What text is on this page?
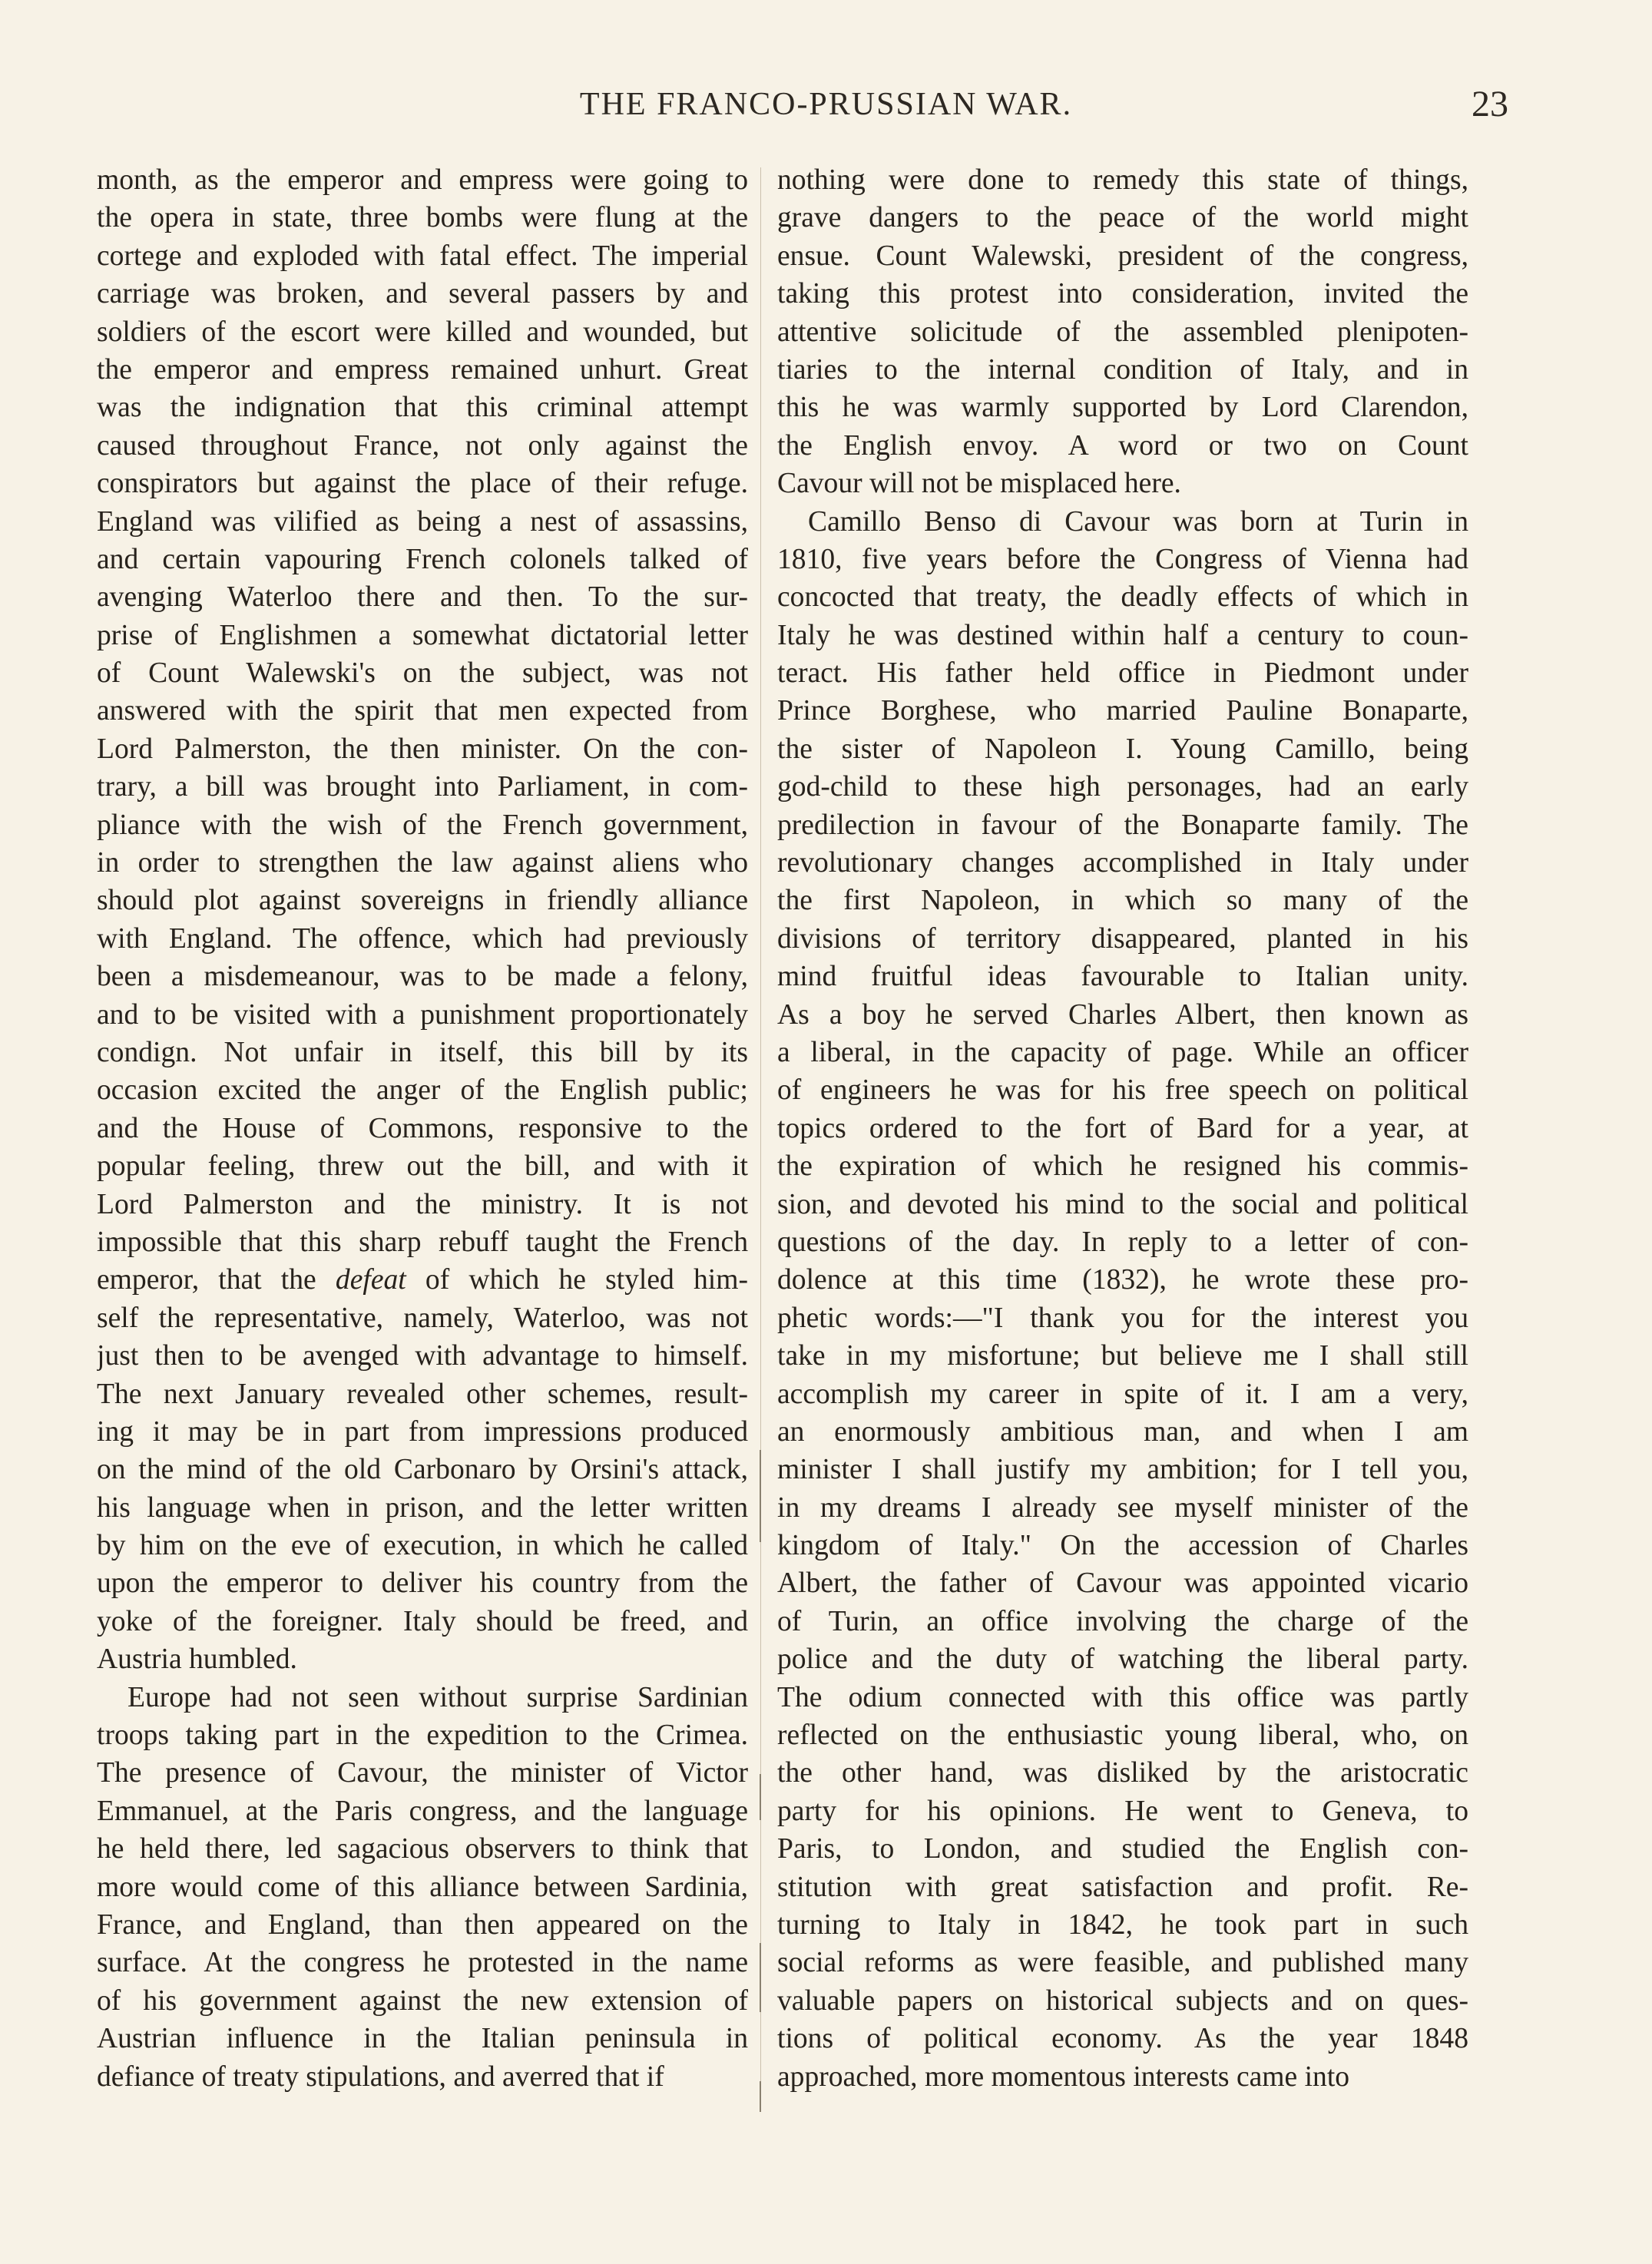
THE FRANCO-PRUSSIAN WAR.	23
month, as the emperor and empress were going to
the opera in state, three bombs were flung at the
cortege and exploded with fatal effect. The imperial
carriage was broken, and several passers by and
soldiers of the escort were killed and wounded, but
the emperor and empress remained unhurt. Great
was the indignation that this criminal attempt
caused throughout France, not only against the
conspirators but against the place of their refuge.
England was vilified as being a nest of assassins,
and certain vapouring French colonels talked of
avenging Waterloo there and then. To the sur-
prise of Englishmen a somewhat dictatorial letter
of Count Walewski's on the subject, was not
answered with the spirit that men expected from
Lord Palmerston, the then minister. On the con-
trary, a bill was brought into Parliament, in com-
pliance with the wish of the French government,
in order to strengthen the law against aliens who
should plot against sovereigns in friendly alliance
with England. The offence, which had previously
been a misdemeanour, was to be made a felony,
and to be visited with a punishment proportionately
condign. Not unfair in itself, this bill by its
occasion excited the anger of the English public;
and the House of Commons, responsive to the
popular feeling, threw out the bill, and with it
Lord Palmerston and the ministry. It is not
impossible that this sharp rebuff taught the French
emperor, that the defeat of which he styled him-
self the representative, namely, Waterloo, was not
just then to be avenged with advantage to himself.
The next January revealed other schemes, result-
ing it may be in part from impressions produced
on the mind of the old Carbonaro by Orsini's attack,
his language when in prison, and the letter written
by him on the eve of execution, in which he called
upon the emperor to deliver his country from the
yoke of the foreigner. Italy should be freed, and
Austria humbled.
Europe had not seen without surprise Sardinian
troops taking part in the expedition to the Crimea.
The presence of Cavour, the minister of Victor
Emmanuel, at the Paris congress, and the language
he held there, led sagacious observers to think that
more would come of this alliance between Sardinia,
France, and England, than then appeared on the
surface. At the congress he protested in the name
of his government against the new extension of
Austrian influence in the Italian peninsula in
defiance of treaty stipulations, and averred that if
nothing were done to remedy this state of things,
grave dangers to the peace of the world might
ensue. Count Walewski, president of the congress,
taking this protest into consideration, invited the
attentive solicitude of the assembled plenipoten-
tiaries to the internal condition of Italy, and in
this he was warmly supported by Lord Clarendon,
the English envoy. A word or two on Count
Cavour will not be misplaced here.
Camillo Benso di Cavour was born at Turin in
1810, five years before the Congress of Vienna had
concocted that treaty, the deadly effects of which in
Italy he was destined within half a century to coun-
teract. His father held office in Piedmont under
Prince Borghese, who married Pauline Bonaparte,
the sister of Napoleon I. Young Camillo, being
god-child to these high personages, had an early
predilection in favour of the Bonaparte family. The
revolutionary changes accomplished in Italy under
the first Napoleon, in which so many of the
divisions of territory disappeared, planted in his
mind fruitful ideas favourable to Italian unity.
As a boy he served Charles Albert, then known as
a liberal, in the capacity of page. While an officer
of engineers he was for his free speech on political
topics ordered to the fort of Bard for a year, at
the expiration of which he resigned his commis-
sion, and devoted his mind to the social and political
questions of the day. In reply to a letter of con-
dolence at this time (1832), he wrote these pro-
phetic words:—"I thank you for the interest you
take in my misfortune; but believe me I shall still
accomplish my career in spite of it. I am a very,
an enormously ambitious man, and when I am
minister I shall justify my ambition; for I tell you,
in my dreams I already see myself minister of the
kingdom of Italy." On the accession of Charles
Albert, the father of Cavour was appointed vicario
of Turin, an office involving the charge of the
police and the duty of watching the liberal party.
The odium connected with this office was partly
reflected on the enthusiastic young liberal, who, on
the other hand, was disliked by the aristocratic
party for his opinions. He went to Geneva, to
Paris, to London, and studied the English con-
stitution with great satisfaction and profit. Re-
turning to Italy in 1842, he took part in such
social reforms as were feasible, and published many
valuable papers on historical subjects and on ques-
tions of political economy. As the year 1848
approached, more momentous interests came into
